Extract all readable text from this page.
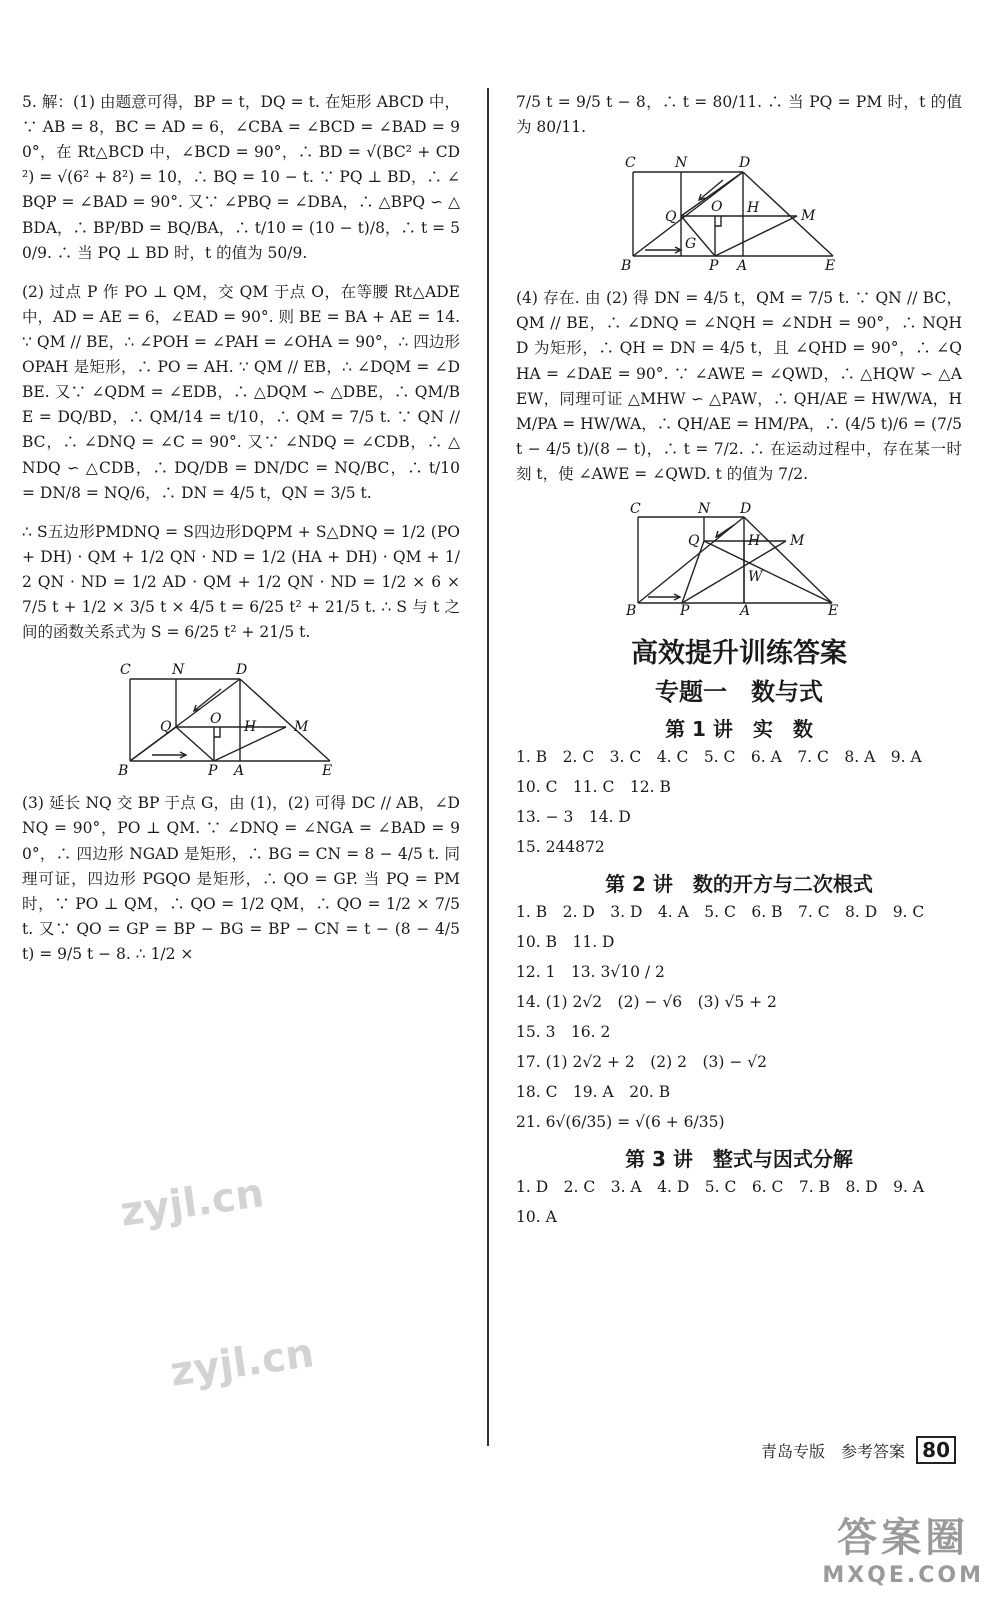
5. 解：(1) 由题意可得，BP = t，DQ = t. 在矩形 ABCD 中，∵ AB = 8，BC = AD = 6，∠CBA = ∠BCD = ∠BAD = 90°，在 Rt△BCD 中，∠BCD = 90°，∴ BD = √(BC² + CD²) = √(6² + 8²) = 10，∴ BQ = 10 − t. ∵ PQ ⊥ BD，∴ ∠BQP = ∠BAD = 90°. 又∵ ∠PBQ = ∠DBA，∴ △BPQ ∽ △BDA，∴ BP/BD = BQ/BA，∴ t/10 = (10 − t)/8，∴ t = 50/9. ∴ 当 PQ ⊥ BD 时，t 的值为 50/9.

(2) 过点 P 作 PO ⊥ QM，交 QM 于点 O，在等腰 Rt△ADE 中，AD = AE = 6，∠EAD = 90°. 则 BE = BA + AE = 14. ∵ QM // BE，∴ ∠POH = ∠PAH = ∠OHA = 90°，∴ 四边形 OPAH 是矩形，∴ PO = AH. ∵ QM // EB，∴ ∠DQM = ∠DBE. 又∵ ∠QDM = ∠EDB，∴ △DQM ∽ △DBE，∴ QM/BE = DQ/BD，∴ QM/14 = t/10，∴ QM = 7/5 t. ∵ QN // BC，∴ ∠DNQ = ∠C = 90°. 又∵ ∠NDQ = ∠CDB，∴ △NDQ ∽ △CDB，∴ DQ/DB = DN/DC = NQ/BC，∴ t/10 = DN/8 = NQ/6，∴ DN = 4/5 t，QN = 3/5 t.

∴ S五边形PMDNQ = S四边形DQPM + S△DNQ = 1/2 (PO + DH) · QM + 1/2 QN · ND = 1/2 (HA + DH) · QM + 1/2 QN · ND = 1/2 AD · QM + 1/2 QN · ND = 1/2 × 6 × 7/5 t + 1/2 × 3/5 t × 4/5 t = 6/25 t² + 21/5 t. ∴ S 与 t 之间的函数关系式为 S = 6/25 t² + 21/5 t.

C	N	D
Q	O H	M
B	P A	E

(3) 延长 NQ 交 BP 于点 G，由 (1)，(2) 可得 DC // AB，∠DNQ = 90°，PO ⊥ QM. ∵ ∠DNQ = ∠NGA = ∠BAD = 90°，∴ 四边形 NGAD 是矩形，∴ BG = CN = 8 − 4/5 t. 同理可证，四边形 PGQO 是矩形，∴ QO = GP. 当 PQ = PM 时，∵ PO ⊥ QM，∴ QO = 1/2 QM，∴ QO = 1/2 × 7/5 t. 又∵ QO = GP = BP − BG = BP − CN = t − (8 − 4/5 t) = 9/5 t − 8. ∴ 1/2 ×

7/5 t = 9/5 t − 8，∴ t = 80/11. ∴ 当 PQ = PM 时，t 的值为 80/11.

C	N	D
Q
O H	M
G
B	P A	E

(4) 存在. 由 (2) 得 DN = 4/5 t，QM = 7/5 t. ∵ QN // BC，QM // BE，∴ ∠DNQ = ∠NQH = ∠NDH = 90°，∴ NQHD 为矩形，∴ QH = DN = 4/5 t，且 ∠QHD = 90°，∴ ∠QHA = ∠DAE = 90°. ∵ ∠AWE = ∠QWD，∴ △HQW ∽ △AEW，同理可证 △MHW ∽ △PAW，∴ QH/AE = HW/WA，HM/PA = HW/WA，∴ QH/AE = HM/PA，∴ (4/5 t)/6 = (7/5 t − 4/5 t)/(8 − t)，∴ t = 7/2. ∴ 在运动过程中，存在某一时刻 t，使 ∠AWE = ∠QWD. t 的值为 7/2.

C	N D
Q	H M
W
B	P	A	E
高效提升训练答案
专题一　数与式
第 1 讲　实　数
1. B　2. C　3. C　4. C　5. C　6. A　7. C　8. A　9. A
10. C　11. C　12. B
13. − 3　14. D
15. 244872
第 2 讲　数的开方与二次根式
1. B　2. D　3. D　4. A　5. C　6. B　7. C　8. D　9. C
10. B　11. D
12. 1　13. 3√10 / 2
14. (1) 2√2　(2) − √6　(3) √5 + 2
15. 3　16. 2
17. (1) 2√2 + 2　(2) 2　(3) − √2
18. C　19. A　20. B
21. 6√(6/35) = √(6 + 6/35)
第 3 讲　整式与因式分解
1. D　2. C　3. A　4. D　5. C　6. C　7. B　8. D　9. A
10. A
青岛专版　参考答案 80
zyjl.cn
zyjl.cn
答案圈
MXQE.COM
